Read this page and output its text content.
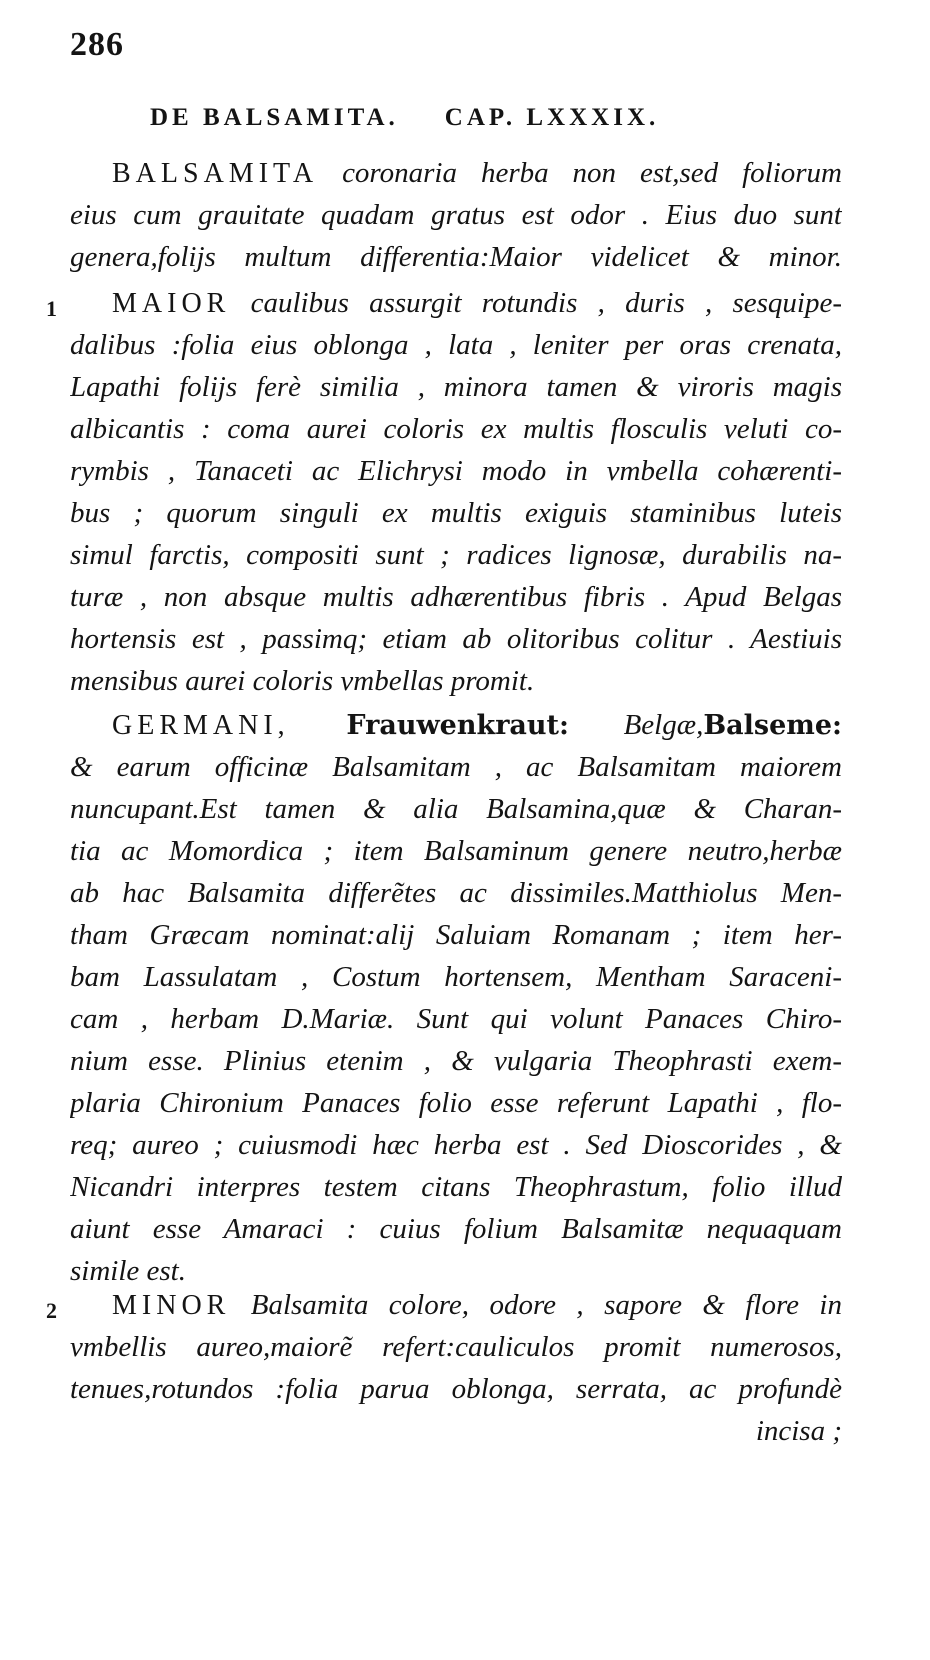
286
DE BALSAMITA. CAP. LXXXIX.
1
2
BALSAMITA coronaria herba non est,sed foliorum
eius cum grauitate quadam gratus est odor . Eius duo sunt
genera,folijs multum differentia:Maior videlicet & minor.
MAIOR caulibus assurgit rotundis , duris , sesquipe-
dalibus :folia eius oblonga , lata , leniter per oras crenata,
Lapathi folijs ferè similia , minora tamen & viroris magis
albicantis : coma aurei coloris ex multis flosculis veluti co-
rymbis , Tanaceti ac Elichrysi modo in vmbella cohærenti-
bus ; quorum singuli ex multis exiguis staminibus luteis
simul farctis, compositi sunt ; radices lignosæ, durabilis na-
turæ , non absque multis adhærentibus fibris . Apud Belgas
hortensis est , passimq; etiam ab olitoribus colitur . Aestiuis
mensibus aurei coloris vmbellas promit.
GERMANI, Frauwenkraut: Belgæ,Balseme:
& earum officinæ Balsamitam , ac Balsamitam maiorem
nuncupant.Est tamen & alia Balsamina,quæ & Charan-
tia ac Momordica ; item Balsaminum genere neutro,herbæ
ab hac Balsamita differẽtes ac dissimiles.Matthiolus Men-
tham Græcam nominat:alij Saluiam Romanam ; item her-
bam Lassulatam , Costum hortensem, Mentham Saraceni-
cam , herbam D.Mariæ. Sunt qui volunt Panaces Chiro-
nium esse. Plinius etenim , & vulgaria Theophrasti exem-
plaria Chironium Panaces folio esse referunt Lapathi , flo-
req; aureo ; cuiusmodi hæc herba est . Sed Dioscorides , &
Nicandri interpres testem citans Theophrastum, folio illud
aiunt esse Amaraci : cuius folium Balsamitæ nequaquam
simile est.
MINOR Balsamita colore, odore , sapore & flore in
vmbellis aureo,maiorẽ refert:cauliculos promit numerosos,
tenues,rotundos :folia parua oblonga, serrata, ac profundè
incisa ;
